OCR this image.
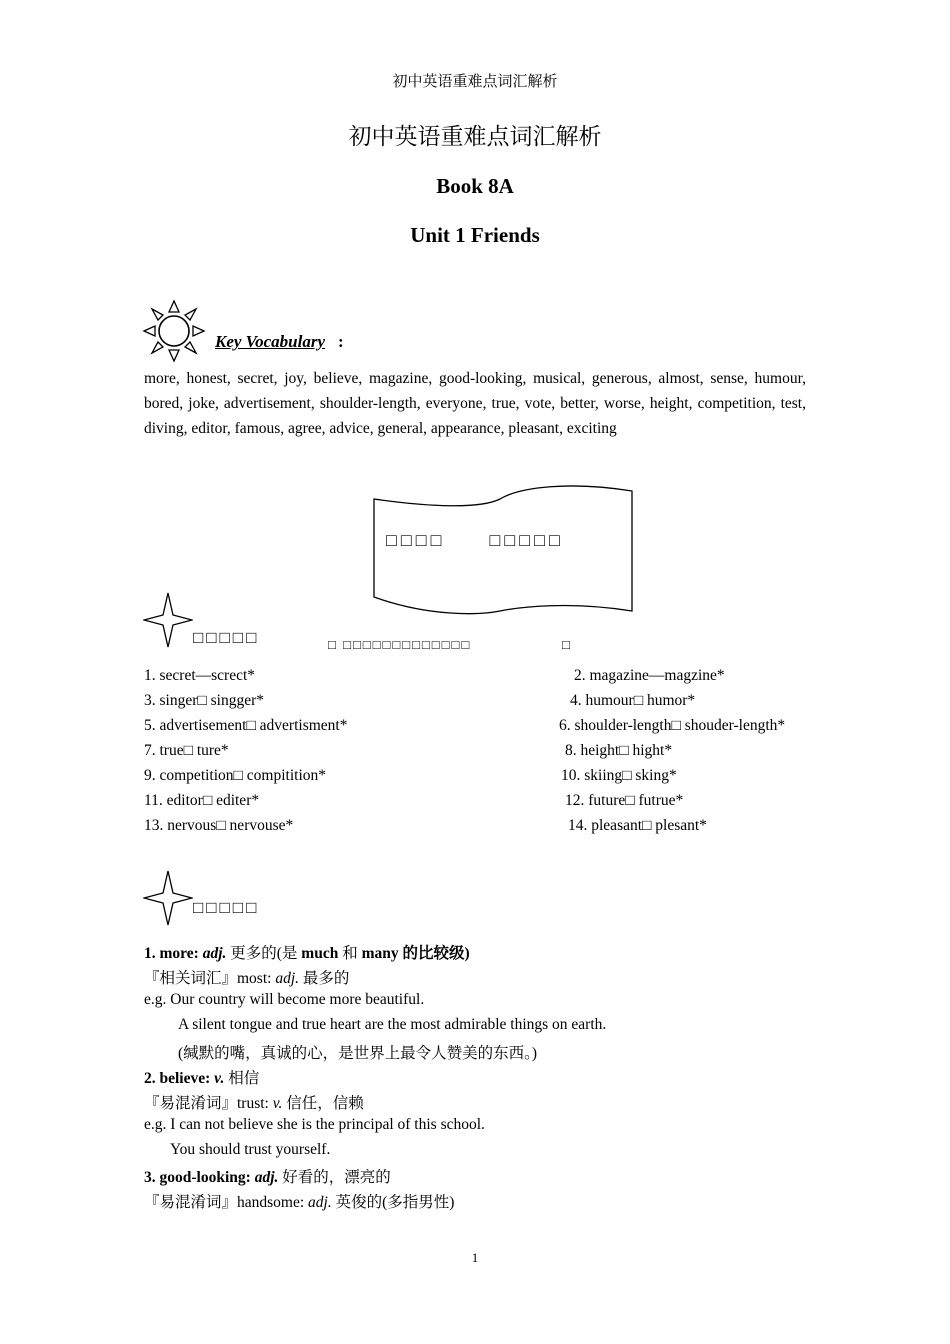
初中英语重难点词汇解析
初中英语重难点词汇解析
Book 8A
Unit 1 Friends
Key Vocabulary :
more, honest, secret, joy, believe, magazine, good-looking, musical, generous, almost, sense, humour, bored, joke, advertisement, shoulder-length, everyone, true, vote, better, worse, height, competition, test, diving, editor, famous, agree, advice, general, appearance, pleasant, exciting
□□□□　　□□□□□
□□□□□	□ □□□□□□□□□□□□□	□
1. secret—screct*	2. magazine—magzine*
3. singer□ singger*	4. humour□ humor*
5. advertisement□ advertisment*	6. shoulder-length□ shouder-length*
7. true□ ture*	8. height□ hight*
9. competition□ compitition*	10. skiing□ sking*
11. editor□ editer*	12. future□ futrue*
13. nervous□ nervouse*	14. pleasant□ plesant*
□□□□□
1. more: adj. 更多的(是 much 和 many 的比较级)
『相关词汇』most: adj. 最多的
e.g. Our country will become more beautiful.
A silent tongue and true heart are the most admirable things on earth.
(缄默的嘴，真诚的心，是世界上最令人赞美的东西。)
2. believe: v. 相信
『易混淆词』trust: v. 信任，信赖
e.g. I can not believe she is the principal of this school.
You should trust yourself.
3. good-looking: adj. 好看的，漂亮的
『易混淆词』handsome: adj. 英俊的(多指男性)
1
